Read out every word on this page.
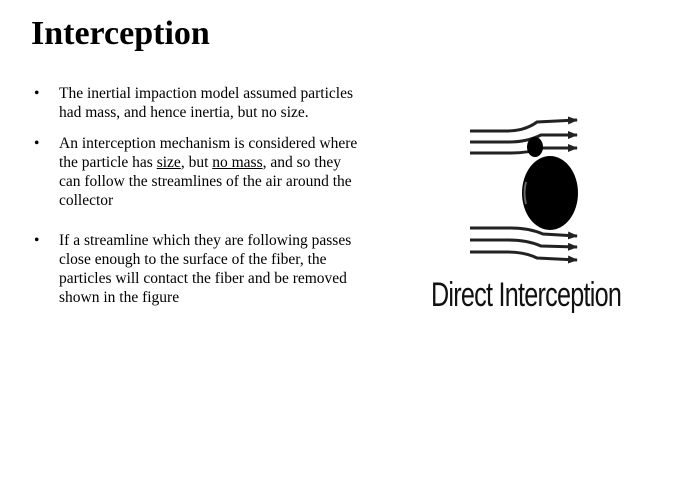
Interception
•	The inertial impaction model assumed particles had mass, and hence inertia, but no size.
•	An interception mechanism is considered where the particle has size, but no mass, and so they can follow the streamlines of the air around the collector
•	If a streamline which they are following passes close enough to the surface of the fiber, the particles will contact the fiber and be removed shown in the figure	Direct Interception
